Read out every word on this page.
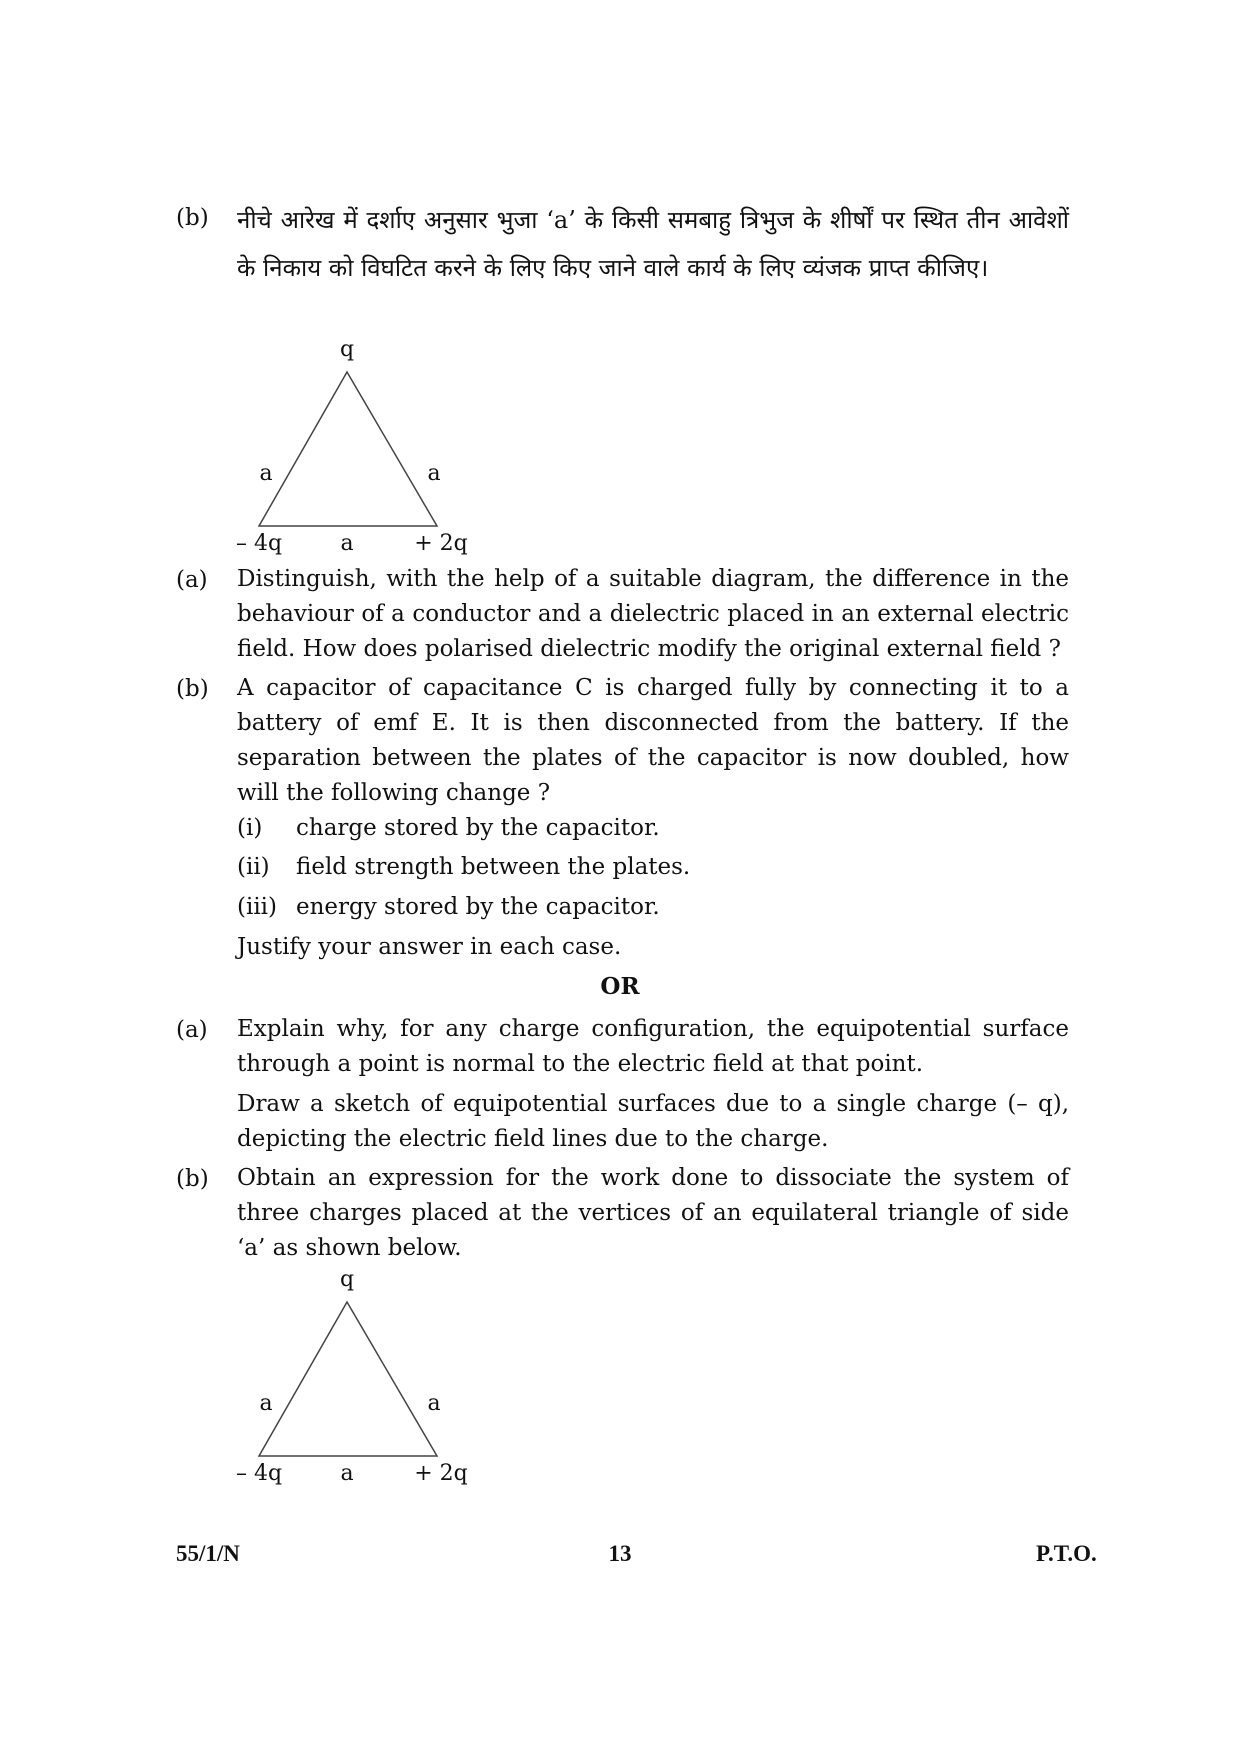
(b) नीचे आरेख में दर्शाए अनुसार भुजा ‘a’ के किसी समबाहु त्रिभुज के शीर्षों पर स्थित तीन आवेशों के निकाय को विघटित करने के लिए किए जाने वाले कार्य के लिए व्यंजक प्राप्त कीजिए।
q
a	a
– 4q	a	+ 2q
(a) Distinguish, with the help of a suitable diagram, the difference in the behaviour of a conductor and a dielectric placed in an external electric field. How does polarised dielectric modify the original external field ?
(b) A capacitor of capacitance C is charged fully by connecting it to a battery of emf E. It is then disconnected from the battery. If the separation between the plates of the capacitor is now doubled, how will the following change ?
(i) charge stored by the capacitor.
(ii) field strength between the plates.
(iii) energy stored by the capacitor.
Justify your answer in each case.
OR
(a) Explain why, for any charge configuration, the equipotential surface through a point is normal to the electric field at that point.
Draw a sketch of equipotential surfaces due to a single charge (– q), depicting the electric field lines due to the charge.
(b) Obtain an expression for the work done to dissociate the system of three charges placed at the vertices of an equilateral triangle of side ‘a’ as shown below.
q
a	a
– 4q	a	+ 2q
55/1/N	13	P.T.O.
